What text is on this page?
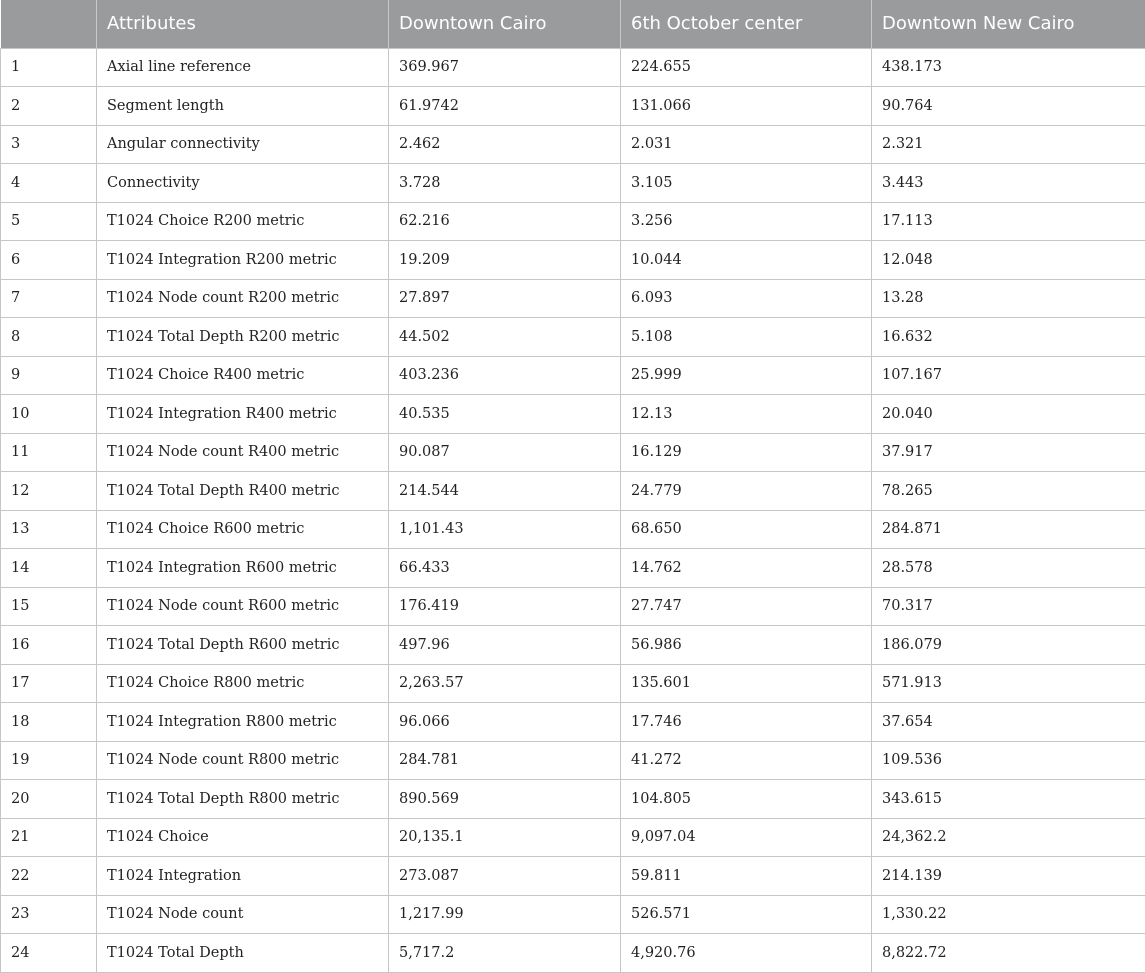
	Attributes	Downtown Cairo	6th October center	Downtown New Cairo
1	Axial line reference	369.967	224.655	438.173
2	Segment length	61.9742	131.066	90.764
3	Angular connectivity	2.462	2.031	2.321
4	Connectivity	3.728	3.105	3.443
5	T1024 Choice R200 metric	62.216	3.256	17.113
6	T1024 Integration R200 metric	19.209	10.044	12.048
7	T1024 Node count R200 metric	27.897	6.093	13.28
8	T1024 Total Depth R200 metric	44.502	5.108	16.632
9	T1024 Choice R400 metric	403.236	25.999	107.167
10	T1024 Integration R400 metric	40.535	12.13	20.040
11	T1024 Node count R400 metric	90.087	16.129	37.917
12	T1024 Total Depth R400 metric	214.544	24.779	78.265
13	T1024 Choice R600 metric	1,101.43	68.650	284.871
14	T1024 Integration R600 metric	66.433	14.762	28.578
15	T1024 Node count R600 metric	176.419	27.747	70.317
16	T1024 Total Depth R600 metric	497.96	56.986	186.079
17	T1024 Choice R800 metric	2,263.57	135.601	571.913
18	T1024 Integration R800 metric	96.066	17.746	37.654
19	T1024 Node count R800 metric	284.781	41.272	109.536
20	T1024 Total Depth R800 metric	890.569	104.805	343.615
21	T1024 Choice	20,135.1	9,097.04	24,362.2
22	T1024 Integration	273.087	59.811	214.139
23	T1024 Node count	1,217.99	526.571	1,330.22
24	T1024 Total Depth	5,717.2	4,920.76	8,822.72
